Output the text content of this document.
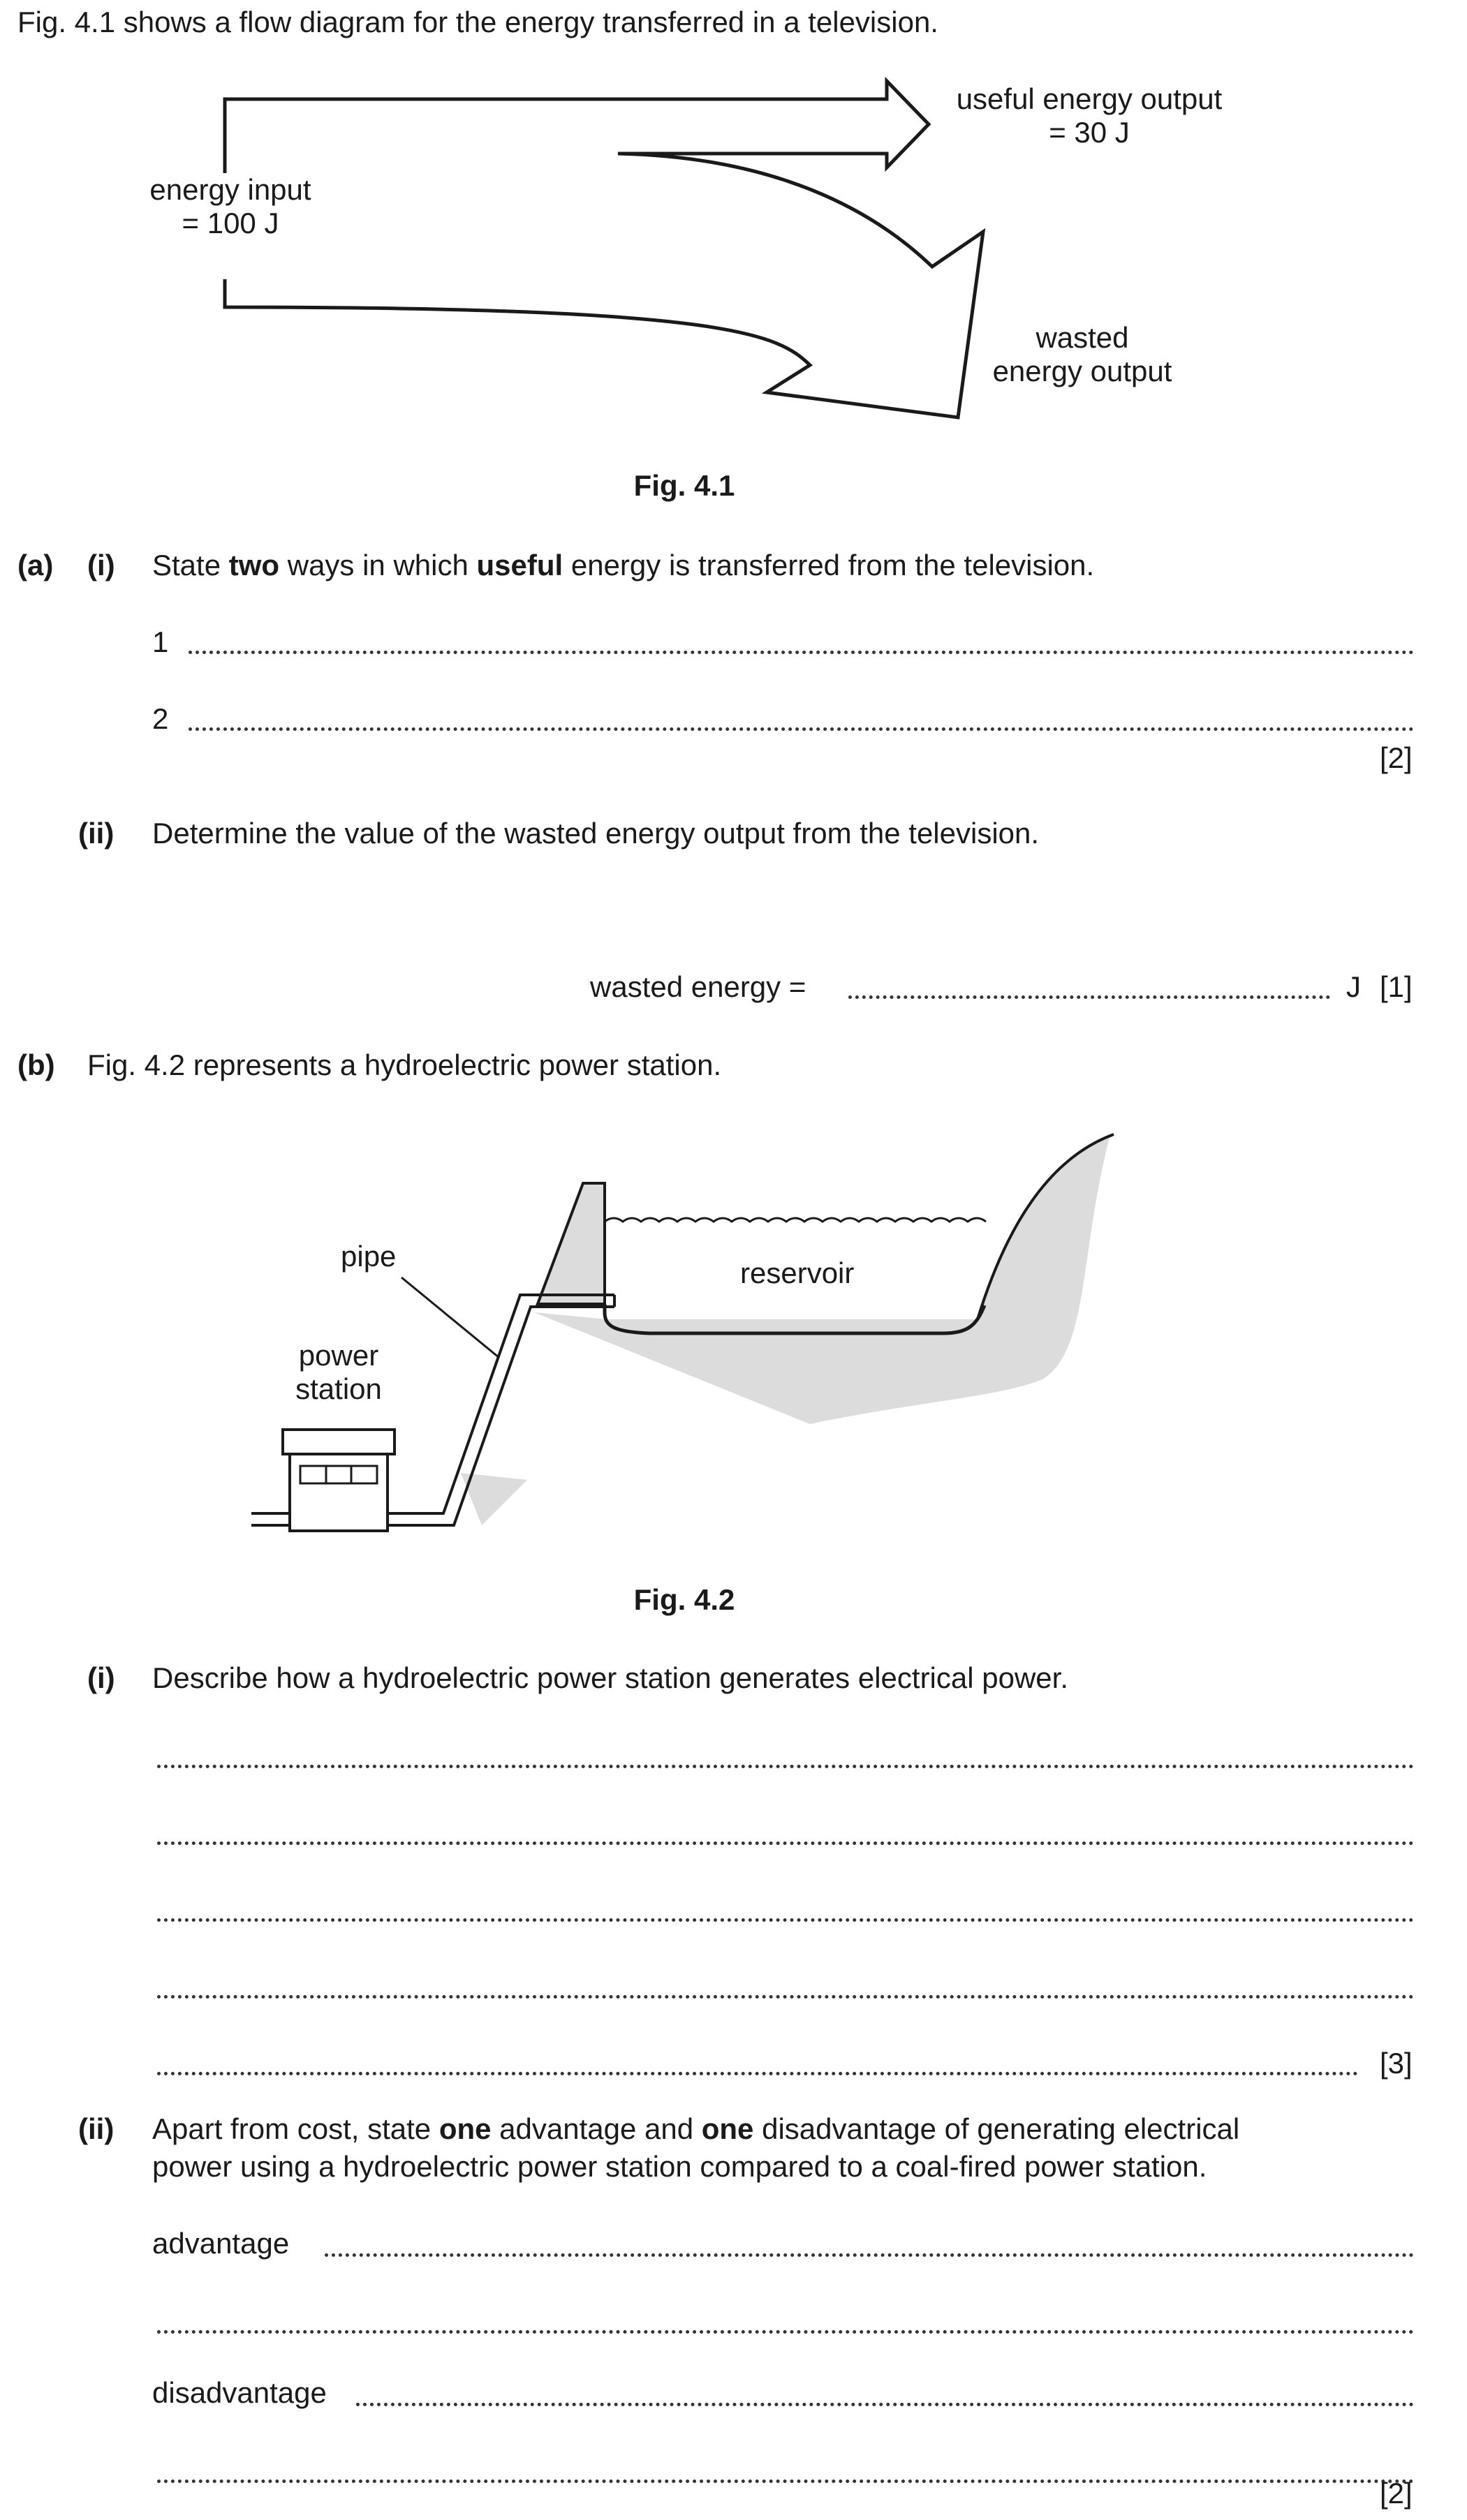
Fig. 4.1 shows a flow diagram for the energy transferred in a television.
useful energy output
= 30 J
energy input
= 100 J
wasted
energy output
Fig. 4.1
(a) (i) State two ways in which useful energy is transferred from the television.
1
2
[2]
(ii) Determine the value of the wasted energy output from the television.
wasted energy =	J [1]
(b) Fig. 4.2 represents a hydroelectric power station.
pipe
reservoir
power
station
Fig. 4.2
(i) Describe how a hydroelectric power station generates electrical power.
[3]
(ii) Apart from cost, state one advantage and one disadvantage of generating electrical
power using a hydroelectric power station compared to a coal-fired power station.
advantage
disadvantage
[2]
